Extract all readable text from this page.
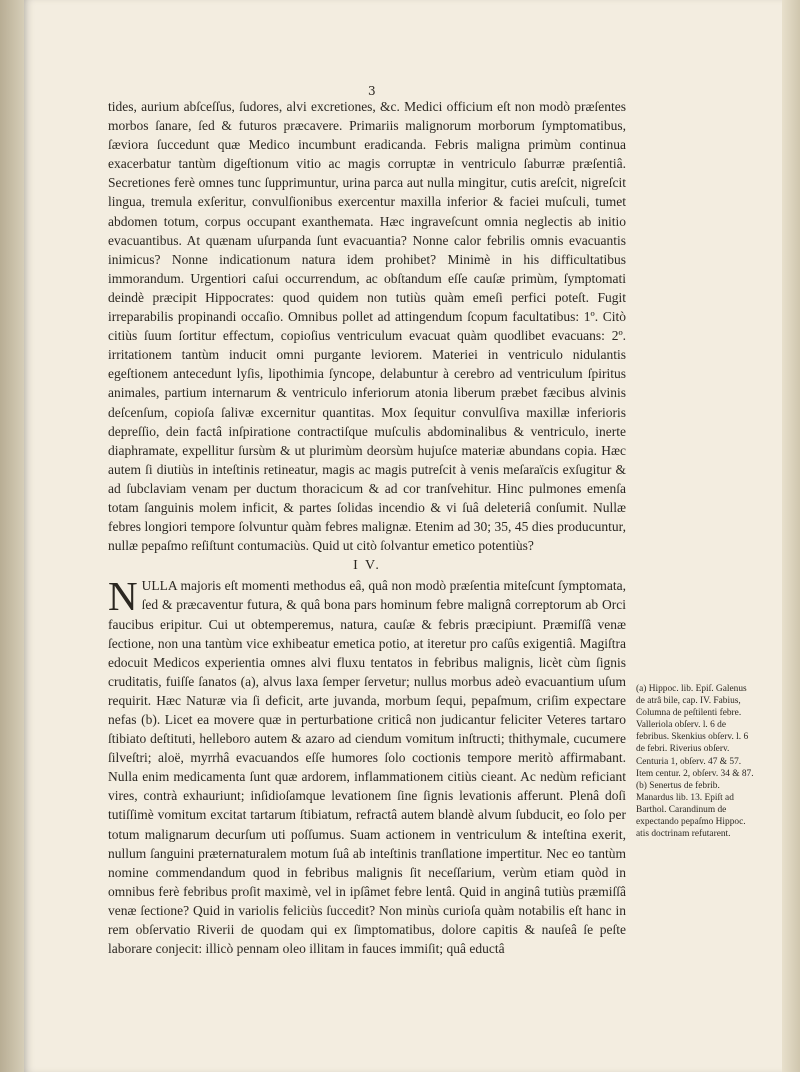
3

tides, aurium abſceſſus, ſudores, alvi excretiones, &c. Medici officium eſt non modò præſentes morbos ſanare, ſed & futuros præcavere. Primariis malignorum morborum ſymptomatibus, ſæviora ſuccedunt quæ Medico incumbunt eradicanda. Febris maligna primùm continua exacerbatur tantùm digeſtionum vitio ac magis corruptæ in ventriculo ſaburræ præſentiâ. Secretiones ferè omnes tunc ſupprimuntur, urina parca aut nulla mingitur, cutis areſcit, nigreſcit lingua, tremula exſeritur, convulſionibus exercentur maxilla inferior & faciei muſculi, tumet abdomen totum, corpus occupant exanthemata. Hæc ingraveſcunt omnia neglectis ab initio evacuantibus. At quænam uſurpanda ſunt evacuantia? Nonne calor febrilis omnis evacuantis inimicus? Nonne indicationum natura idem prohibet? Minimè in his difficultatibus immorandum. Urgentiori caſui occurrendum, ac obſtandum eſſe cauſæ primùm, ſymptomati deindè præcipit Hippocrates: quod quidem non tutiùs quàm emeſi perfici poteſt. Fugit irreparabilis propinandi occaſio. Omnibus pollet ad attingendum ſcopum facultatibus: 1º. Citò citiùs ſuum ſortitur effectum, copioſius ventriculum evacuat quàm quodlibet evacuans: 2º. irritationem tantùm inducit omni purgante leviorem. Materiei in ventriculo nidulantis egeſtionem antecedunt lyſis, lipothimia ſyncope, delabuntur à cerebro ad ventriculum ſpiritus animales, partium internarum & ventriculo inferiorum atonia liberum præbet fæcibus alvinis deſcenſum, copioſa ſalivæ excernitur quantitas. Mox ſequitur convulſiva maxillæ inferioris depreſſio, dein factâ inſpiratione contractiſque muſculis abdominalibus & ventriculo, inerte diaphramate, expellitur ſursùm & ut plurimùm deorsùm hujuſce materiæ abundans copia. Hæc autem ſi diutiùs in inteſtinis retineatur, magis ac magis putreſcit à venis meſaraïcis exſugitur & ad ſubclaviam venam per ductum thoracicum & ad cor tranſvehitur. Hinc pulmones emenſa totam ſanguinis molem inficit, & partes ſolidas incendio & vi ſuâ deleteriâ conſumit. Nullæ febres longiori tempore ſolvuntur quàm febres malignæ. Etenim ad 30; 35, 45 dies producuntur, nullæ pepaſmo reſiſtunt contumaciùs. Quid ut citò ſolvantur emetico potentiùs?

I V.

NULLA majoris eſt momenti methodus eâ, quâ non modò præſentia miteſcunt ſymptomata, ſed & præcaventur futura, & quâ bona pars hominum febre malignâ correptorum ab Orci faucibus eripitur. Cui ut obtemperemus, natura, cauſæ & febris præcipiunt. Præmiſſâ venæ ſectione, non una tantùm vice exhibeatur emetica potio, at iteretur pro caſûs exigentiâ. Magiſtra edocuit Medicos experientia omnes alvi fluxu tentatos in febribus malignis, licèt cùm ſignis cruditatis, fuiſſe ſanatos (a), alvus laxa ſemper ſervetur; nullus morbus adeò evacuantium uſum requirit. Hæc Naturæ via ſi deficit, arte juvanda, morbum ſequi, pepaſmum, criſim expectare nefas (b). Licet ea movere quæ in perturbatione criticâ non judicantur feliciter Veteres tartaro ſtibiato deſtituti, helleboro autem & azaro ad ciendum vomitum inſtructi; thithymale, cucumere ſilveſtri; aloë, myrrhâ evacuandos eſſe humores ſolo coctionis tempore meritò affirmabant. Nulla enim medicamenta ſunt quæ ardorem, inflammationem citiùs cieant. Ac nedùm reficiant vires, contrà exhauriunt; inſidioſamque levationem ſine ſignis levationis afferunt. Plenâ doſi tutiſſimè vomitum excitat tartarum ſtibiatum, refractâ autem blandè alvum ſubducit, eo ſolo per totum malignarum decurſum uti poſſumus. Suam actionem in ventriculum & inteſtina exerit, nullum ſanguini præternaturalem motum ſuâ ab inteſtinis tranſlatione impertitur. Nec eo tantùm nomine commendandum quod in febribus malignis ſit neceſſarium, verùm etiam quòd in omnibus ferè febribus proſit maximè, vel in ipſâmet febre lentâ. Quid in anginâ tutiùs præmiſſâ venæ ſectione? Quid in variolis feliciùs ſuccedit? Non minùs curioſa quàm notabilis eſt hanc in rem obſervatio Riverii de quodam qui ex ſimptomatibus, dolore capitis & nauſeâ ſe peſte laborare conjecit: illicò pennam oleo illitam in fauces immiſit; quâ eductâ

(a) Hippoc. lib. Epiſ. Galenus de atrâ bile, cap. IV. Fabius, Columna de peſtilenti febre. Valleriola obſerv. l. 6 de febribus. Skenkius obſerv. l. 6 de febri. Riverius obſerv. Centuria 1, obſerv. 47 & 57. Item centur. 2, obſerv. 34 & 87.

(b) Senertus de febrib. Manardus lib. 13. Epiſt ad Barthol. Carandinum de expectando pepaſmo Hippoc. atis doctrinam refutarent.
